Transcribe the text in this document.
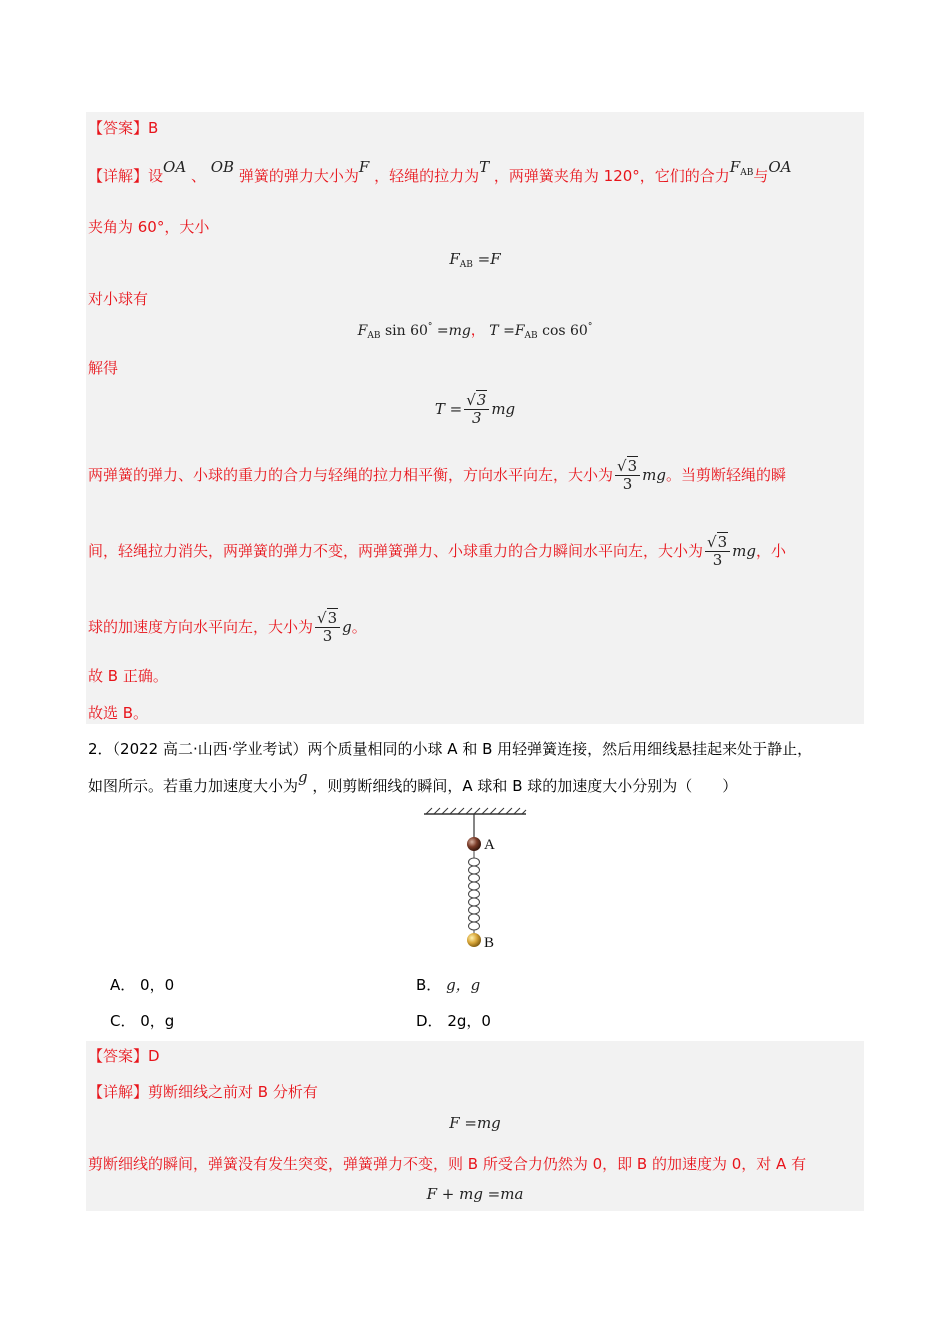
【答案】B
【详解】设OA 、 OB 弹簧的弹力大小为F ，轻绳的拉力为T ，两弹簧夹角为 120°，它们的合力$F_{AB}$与OA
夹角为 60°，大小
$F_{AB} =F$
对小球有
$F_{AB}$ sin 60° =mg， $T =F_{AB}$ cos 60°
解得
$T = \frac{√3}{3}$ mg
两弹簧的弹力、小球的重力的合力与轻绳的拉力相平衡，方向水平向左，大小为 $\frac{√3}{3}$ mg。当剪断轻绳的瞬
间，轻绳拉力消失，两弹簧的弹力不变，两弹簧弹力、小球重力的合力瞬间水平向左，大小为 $\frac{√3}{3}$ mg，小
球的加速度方向水平向左，大小为 $\frac{√3}{3}$ g。
故 B 正确。
故选 B。
2．（2022 高二·山西·学业考试）两个质量相同的小球 A 和 B 用轻弹簧连接，然后用细线悬挂起来处于静止，
如图所示。若重力加速度大小为g ，则剪断细线的瞬间，A 球和 B 球的加速度大小分别为（　　）
A
B
A． 0，0	B． g，g
C． 0，g	D． 2g，0
【答案】D
【详解】剪断细线之前对 B 分析有
F =mg
剪断细线的瞬间，弹簧没有发生突变，弹簧弹力不变，则 B 所受合力仍然为 0，即 B 的加速度为 0，对 A 有
F + mg =ma
